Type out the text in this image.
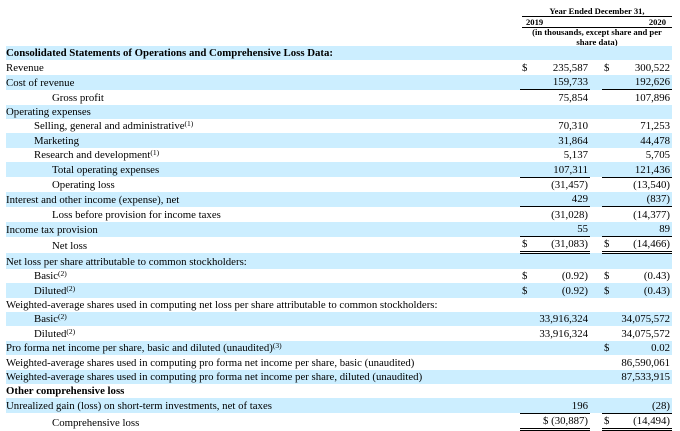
Year Ended December 31,
2019	2020
(in thousands, except share and per share data)
Consolidated Statements of Operations and Comprehensive Loss Data:						
Revenue		$	235,587		$	300,522
Cost of revenue			159,733			192,626
Gross profit			75,854			107,896
Operating expenses						
Selling, general and administrative$^{(1)}$			70,310			71,253
Marketing			31,864			44,478
Research and development$^{(1)}$			5,137			5,705
Total operating expenses			107,311			121,436
Operating loss			(31,457)			(13,540)
Interest and other income (expense), net			429			(837)
Loss before provision for income taxes			(31,028)			(14,377)
Income tax provision			55			89
Net loss		$	(31,083)		$	(14,466)
Net loss per share attributable to common stockholders:						
Basic$^{(2)}$		$	(0.92)		$	(0.43)
Diluted$^{(2)}$		$	(0.92)		$	(0.43)
Weighted-average shares used in computing net loss per share attributable to common stockholders:						
Basic$^{(2)}$			33,916,324			34,075,572
Diluted$^{(2)}$			33,916,324			34,075,572
Pro forma net income per share, basic and diluted (unaudited)$^{(3)}$					$	0.02
Weighted-average shares used in computing pro forma net income per share, basic (unaudited)						86,590,061
Weighted-average shares used in computing pro forma net income per share, diluted (unaudited)						87,533,915
Other comprehensive loss						
Unrealized gain (loss) on short-term investments, net of taxes			196			(28)
Comprehensive loss			$ (30,887)		$	(14,494)
